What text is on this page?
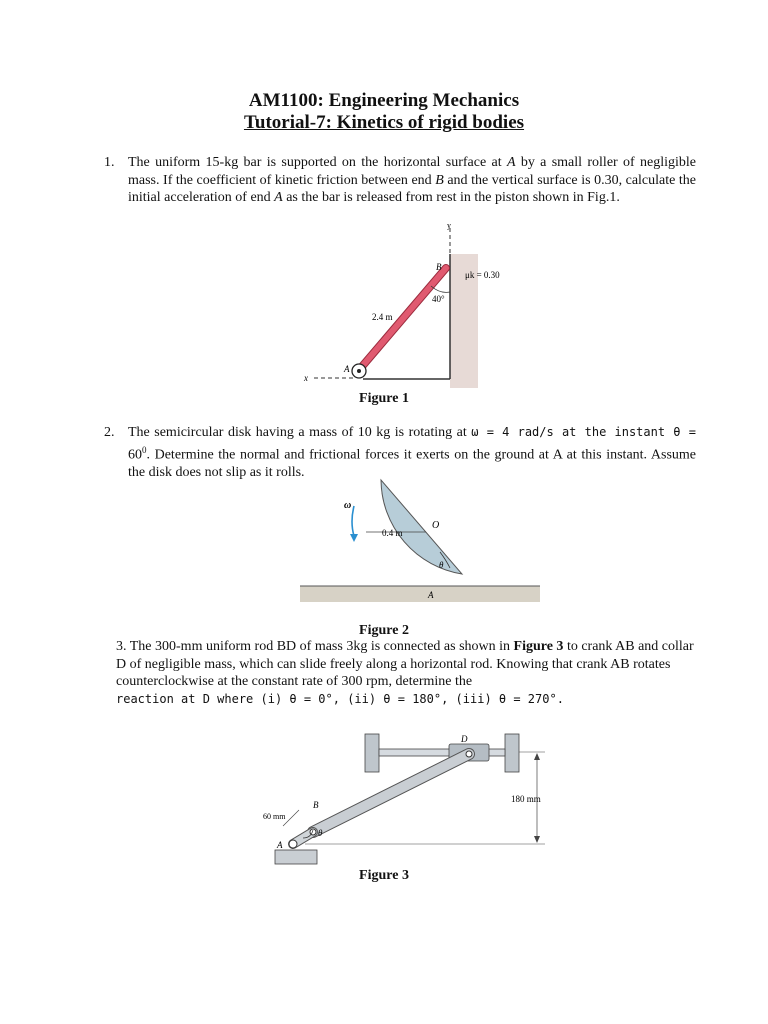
AM1100: Engineering Mechanics
Tutorial-7: Kinetics of rigid bodies
1. The uniform 15-kg bar is supported on the horizontal surface at A by a small roller of negligible mass. If the coefficient of kinetic friction between end B and the vertical surface is 0.30, calculate the initial acceleration of end A as the bar is released from rest in the piston shown in Fig.1.
y
x
A
B
2.4 m
40°
μk = 0.30
Figure 1
2. The semicircular disk having a mass of 10 kg is rotating at ω = 4 rad/s at the instant $\theta = 60^0$. Determine the normal and frictional forces it exerts on the ground at A at this instant. Assume the disk does not slip as it rolls.
ω
0.4 m
O
θ
A
Figure 2
3. The 300-mm uniform rod BD of mass 3kg is connected as shown in Figure 3 to crank AB and collar D of negligible mass, which can slide freely along a horizontal rod. Knowing that crank AB rotates counterclockwise at the constant rate of 300 rpm, determine the
reaction at D where (i) θ = 0°, (ii) θ = 180°, (iii) θ = 270°.
D
B
A
θ
60 mm
180 mm
Figure 3
